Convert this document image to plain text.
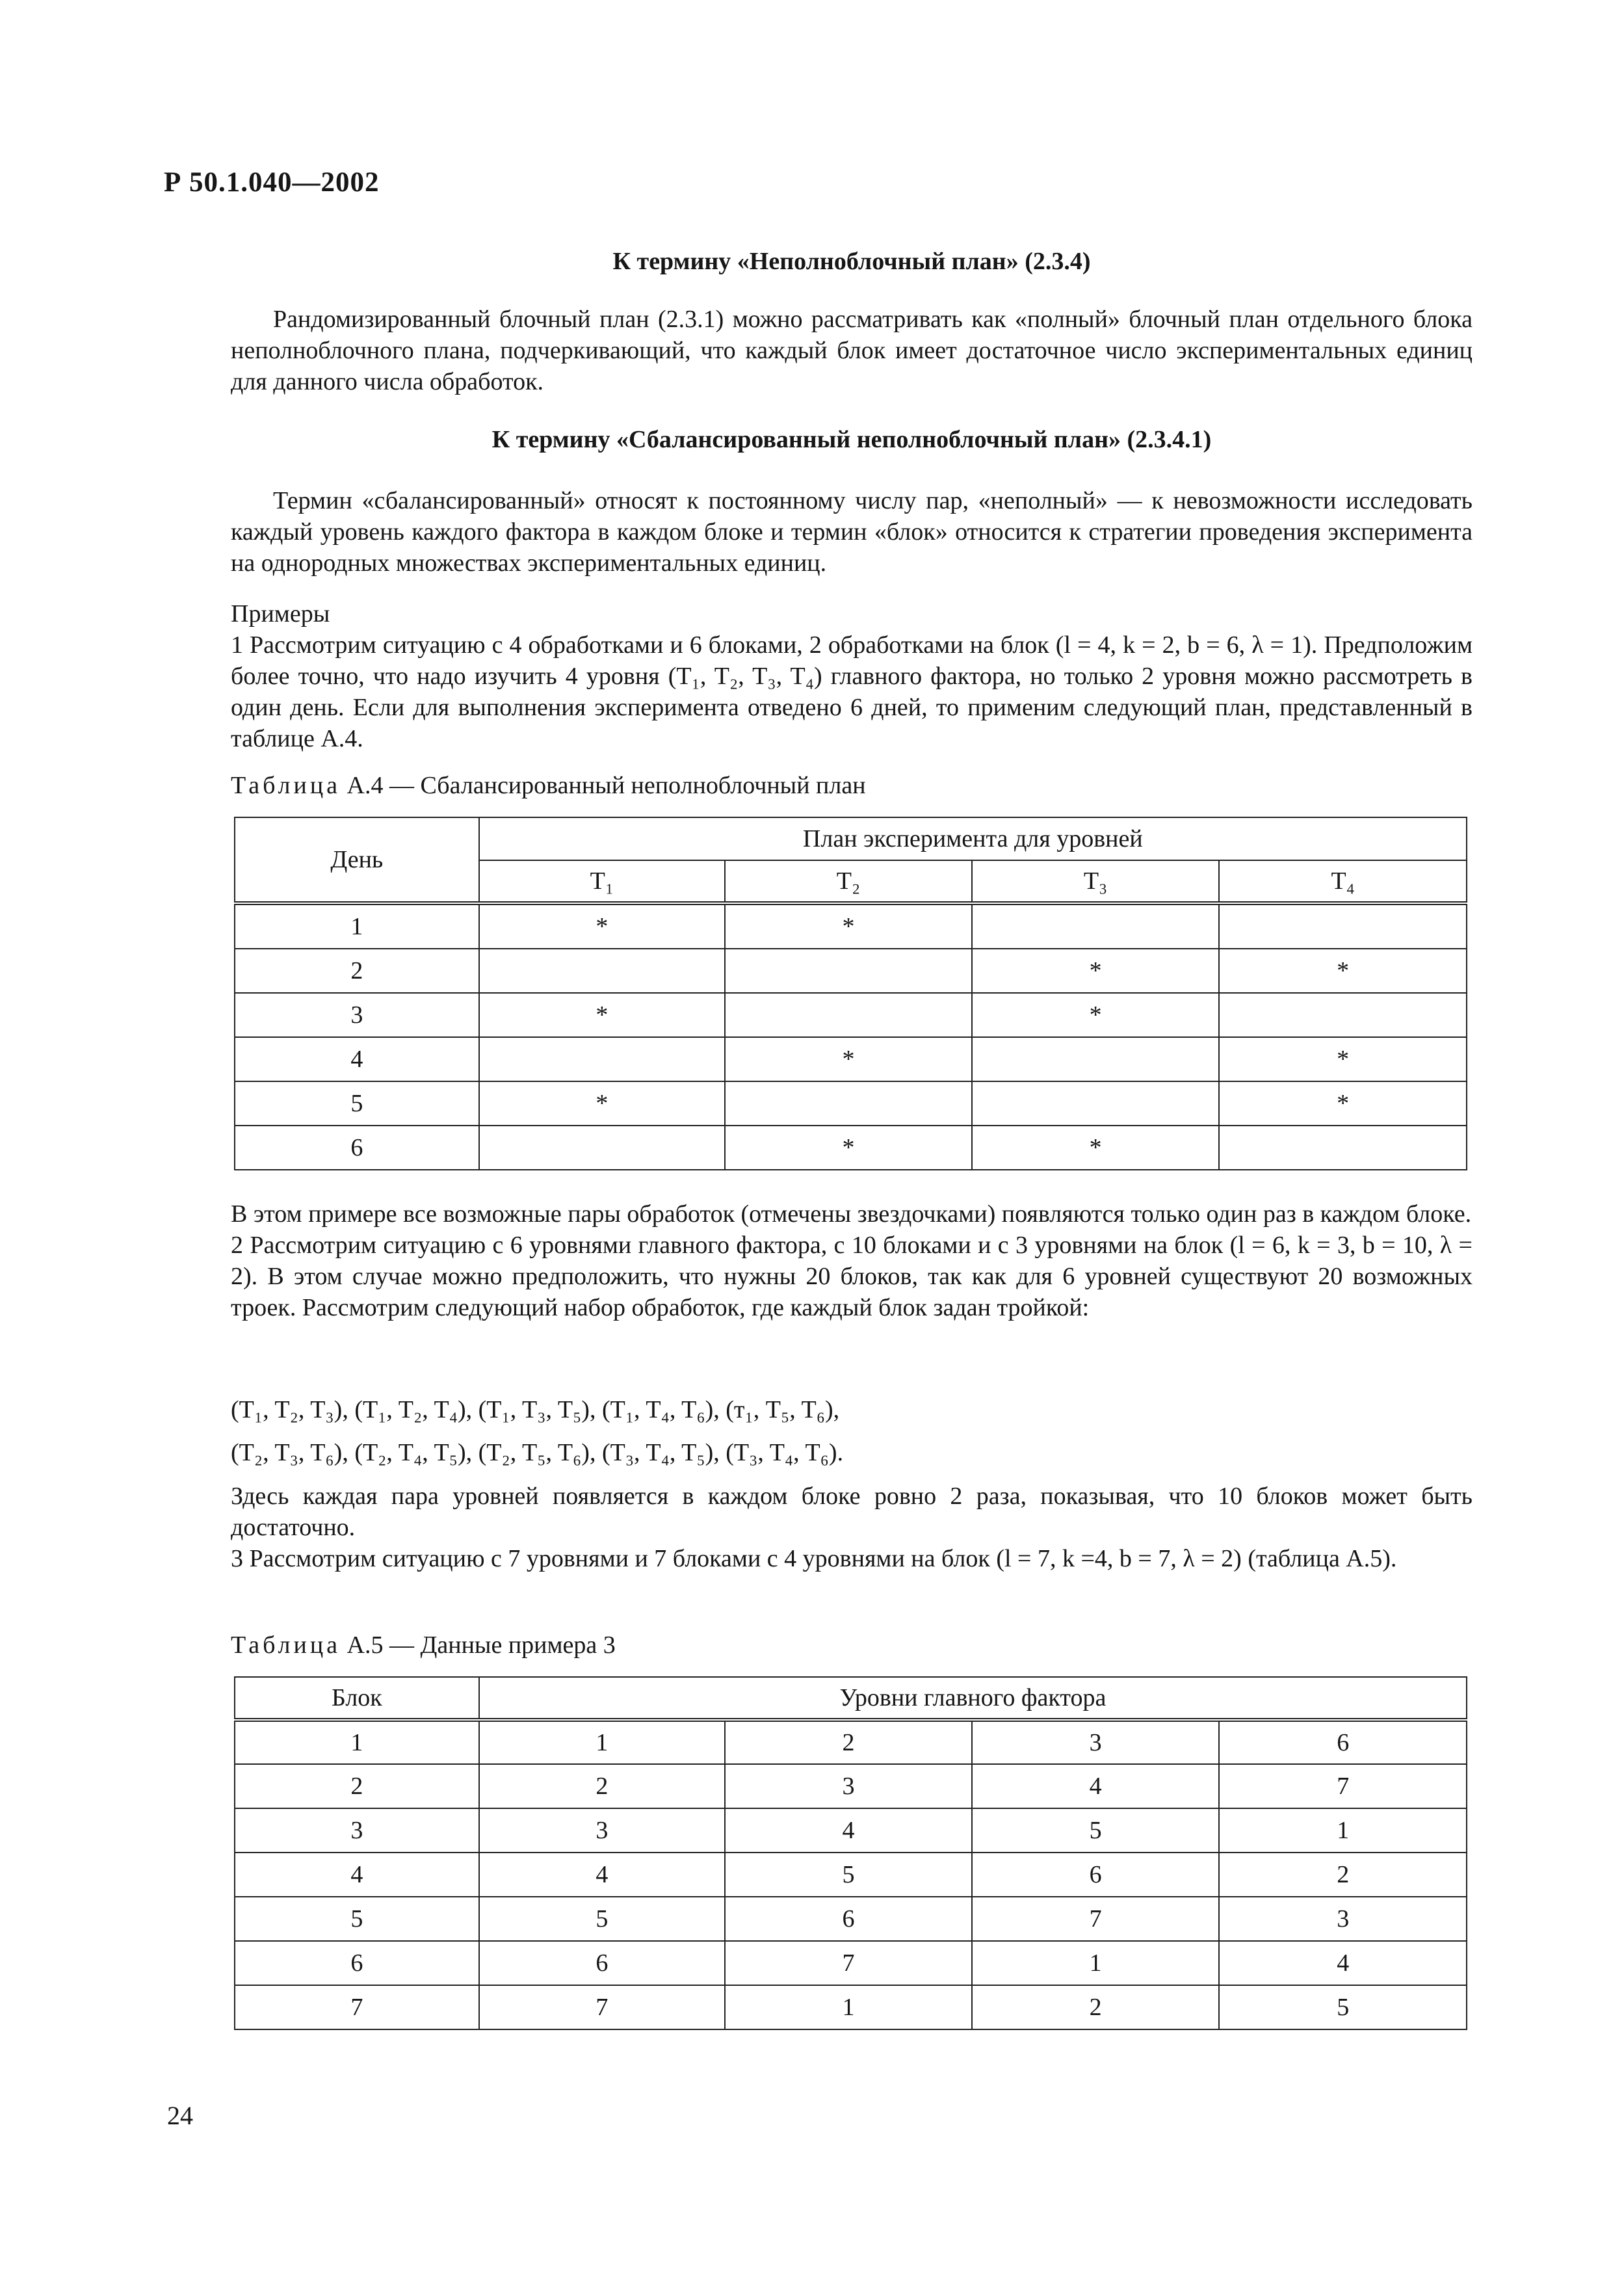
Р 50.1.040—2002
К термину «Неполноблочный план» (2.3.4)

Рандомизированный блочный план (2.3.1) можно рассматривать как «полный» блочный план отдельного блока неполноблочного плана, подчеркивающий, что каждый блок имеет достаточное число экспериментальных единиц для данного числа обработок.

К термину «Сбалансированный неполноблочный план» (2.3.4.1)

Термин «сбалансированный» относят к постоянному числу пар, «неполный» — к невозможности исследовать каждый уровень каждого фактора в каждом блоке и термин «блок» относится к стратегии проведения эксперимента на однородных множествах экспериментальных единиц.

Примеры

1 Рассмотрим ситуацию с 4 обработками и 6 блоками, 2 обработками на блок (l = 4, k = 2, b = 6, λ = 1). Предположим более точно, что надо изучить 4 уровня (T₁, T₂, T₃, T₄) главного фактора, но только 2 уровня можно рассмотреть в один день. Если для выполнения эксперимента отведено 6 дней, то применим следующий план, представленный в таблице А.4.

Таблица А.4 — Сбалансированный неполноблочный план
День	План эксперимента для уровней			
	T₁	T₂	T₃	T₄
1	*	*		
2			*	*
3	*		*	
4		*		*
5	*			*
6		*	*	

В этом примере все возможные пары обработок (отмечены звездочками) появляются только один раз в каждом блоке.

2 Рассмотрим ситуацию с 6 уровнями главного фактора, с 10 блоками и с 3 уровнями на блок (l = 6, k = 3, b = 10, λ = 2). В этом случае можно предположить, что нужны 20 блоков, так как для 6 уровней существуют 20 возможных троек. Рассмотрим следующий набор обработок, где каждый блок задан тройкой:

(T₁, T₂, T₃), (T₁, T₂, T₄), (T₁, T₃, T₅), (T₁, T₄, T₆), (т₁, T₅, T₆),
(T₂, T₃, T₆), (T₂, T₄, T₅), (T₂, T₅, T₆), (T₃, T₄, T₅), (T₃, T₄, T₆).

Здесь каждая пара уровней появляется в каждом блоке ровно 2 раза, показывая, что 10 блоков может быть достаточно.

3 Рассмотрим ситуацию с 7 уровнями и 7 блоками с 4 уровнями на блок (l = 7, k =4, b = 7, λ = 2) (таблица А.5).

Таблица А.5 — Данные примера 3
Блок	Уровни главного фактора			
1	1	2	3	6
2	2	3	4	7
3	3	4	5	1
4	4	5	6	2
5	5	6	7	3
6	6	7	1	4
7	7	1	2	5
24
